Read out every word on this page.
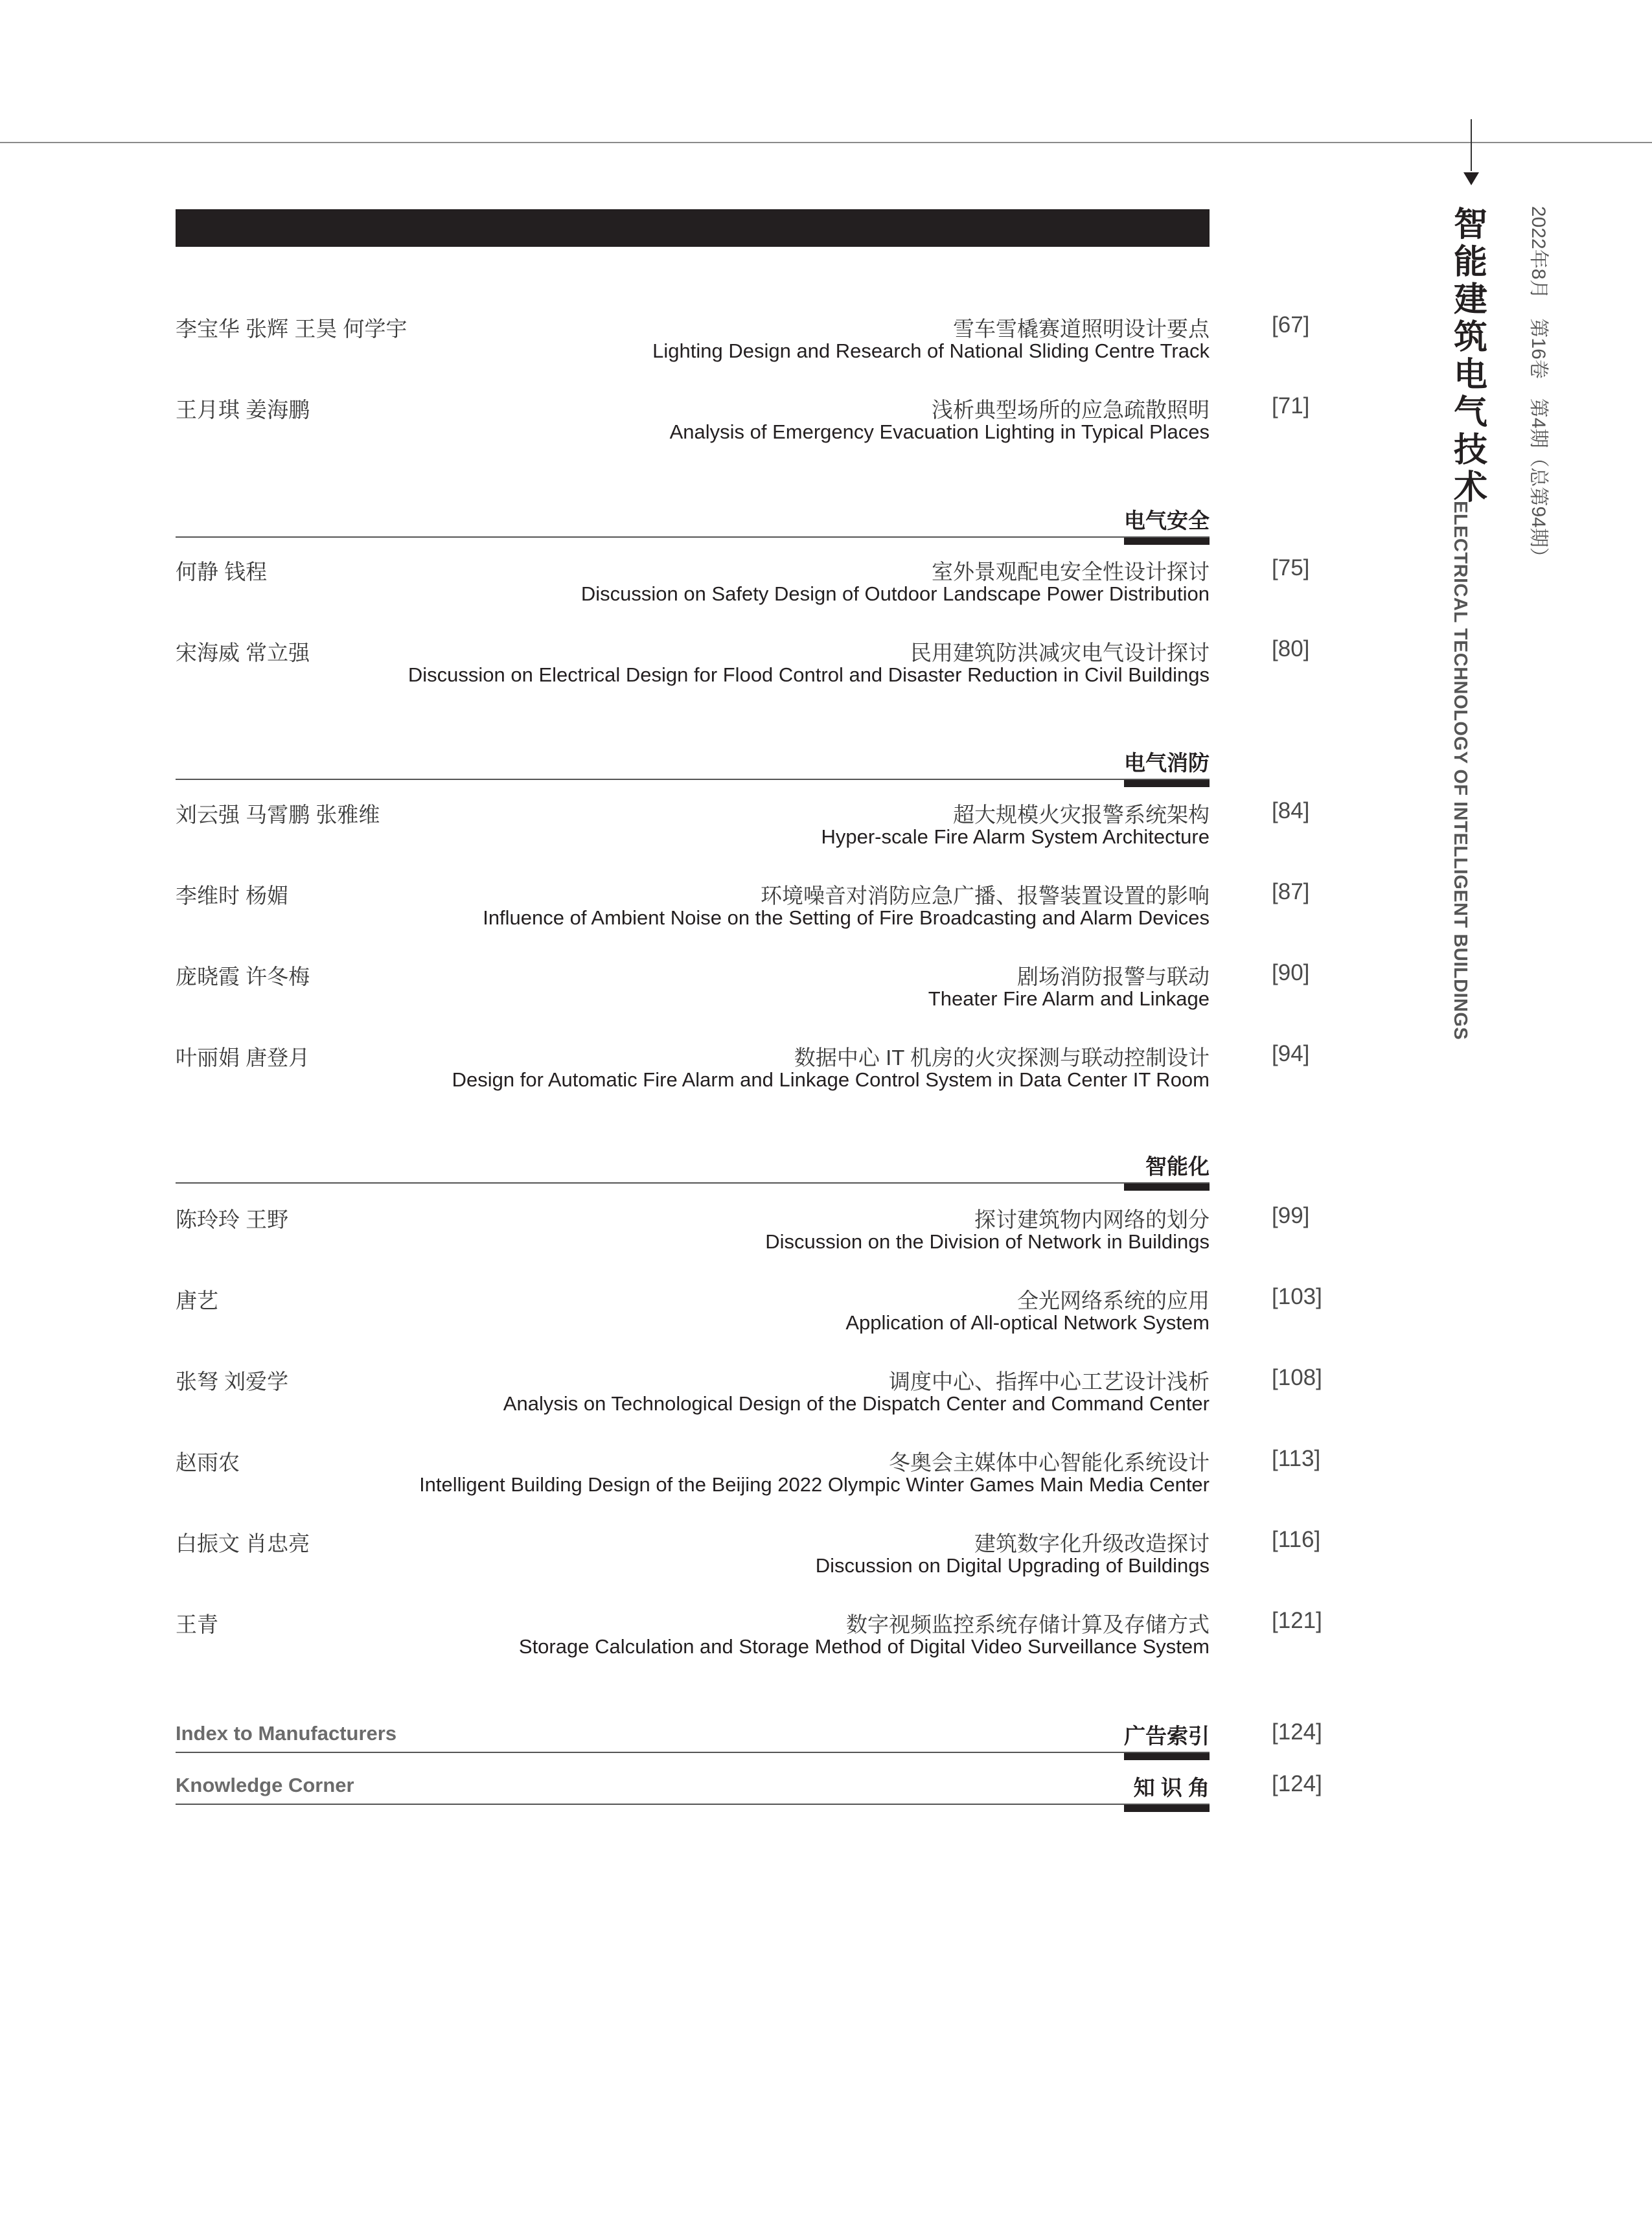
李宝华 张辉 王昊 何学宇	雪车雪橇赛道照明设计要点
Lighting Design and Research of National Sliding Centre Track
[67]
王月琪 姜海鹏	浅析典型场所的应急疏散照明
Analysis of Emergency Evacuation Lighting in Typical Places
[71]
电气安全
何静 钱程	室外景观配电安全性设计探讨
Discussion on Safety Design of Outdoor Landscape Power Distribution
[75]
宋海威 常立强	民用建筑防洪减灾电气设计探讨
Discussion on Electrical Design for Flood Control and Disaster Reduction in Civil Buildings
[80]
电气消防
刘云强 马霄鹏 张雅维	超大规模火灾报警系统架构
Hyper-scale Fire Alarm System Architecture
[84]
李维时 杨媚	环境噪音对消防应急广播、报警装置设置的影响
Influence of Ambient Noise on the Setting of Fire Broadcasting and Alarm Devices
[87]
庞晓霞 许冬梅	剧场消防报警与联动
Theater Fire Alarm and Linkage
[90]
叶丽娟 唐登月	数据中心 IT 机房的火灾探测与联动控制设计
Design for Automatic Fire Alarm and Linkage Control System in Data Center IT Room
[94]
智能化
陈玲玲 王野	探讨建筑物内网络的划分
Discussion on the Division of Network in Buildings
[99]
唐艺	全光网络系统的应用
Application of All-optical Network System
[103]
张弩 刘爱学	调度中心、指挥中心工艺设计浅析
Analysis on Technological Design of the Dispatch Center and Command Center
[108]
赵雨农	冬奥会主媒体中心智能化系统设计
Intelligent Building Design of the Beijing 2022 Olympic Winter Games Main Media Center
[113]
白振文 肖忠亮	建筑数字化升级改造探讨
Discussion on Digital Upgrading of Buildings
[116]
王青	数字视频监控系统存储计算及存储方式
Storage Calculation and Storage Method of Digital Video Surveillance System
[121]
Index to Manufacturers	广告索引	[124]
Knowledge Corner	知 识 角	[124]
智能建筑电气技术
ELECTRICAL TECHNOLOGY OF INTELLIGENT BUILDINGS
2022年8月　第16卷　第4期（总第94期）
